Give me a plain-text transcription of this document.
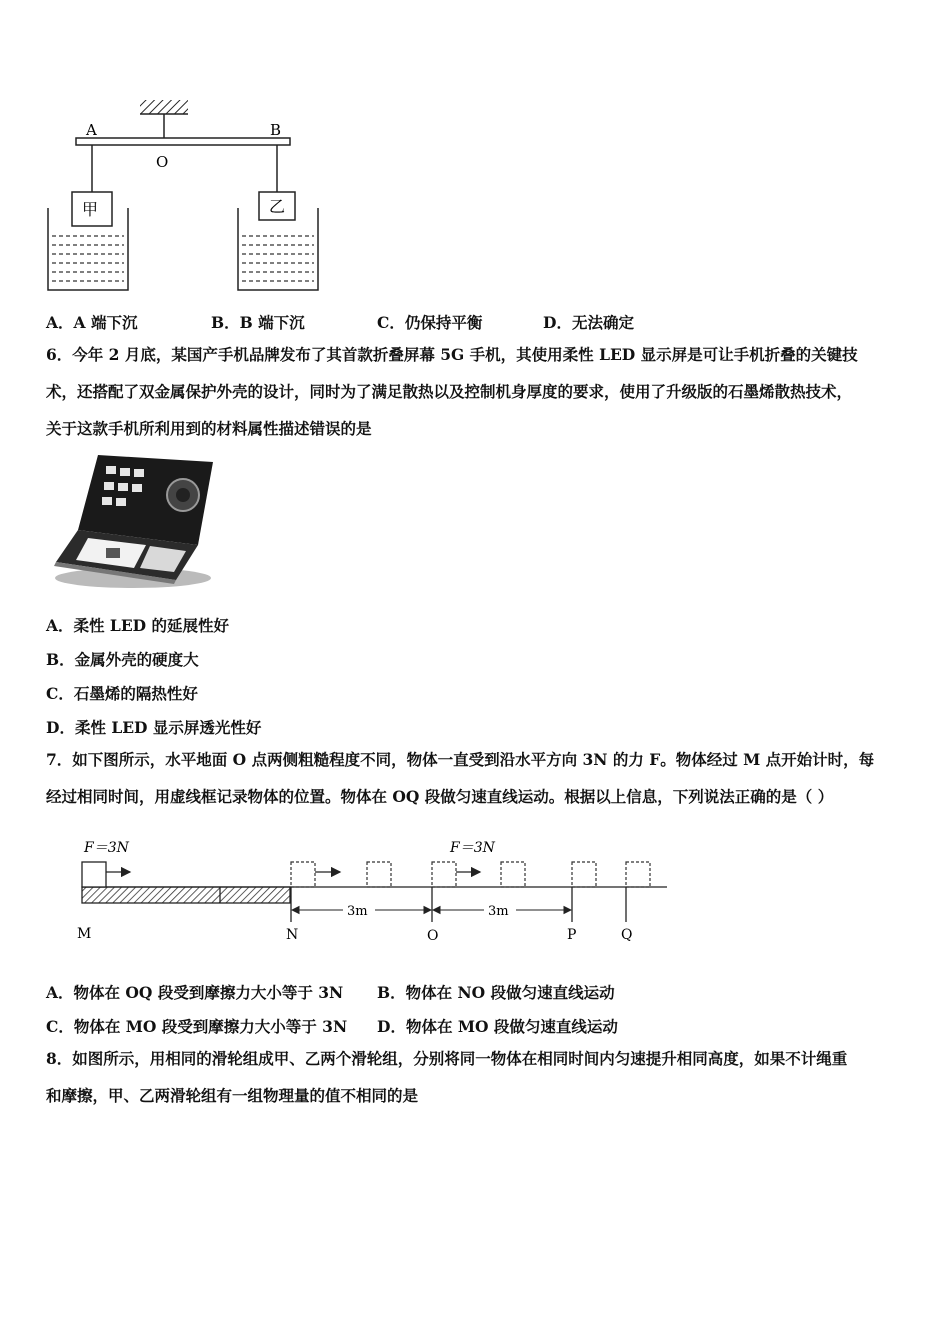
A	B
O
甲	乙
A．A 端下沉	B．B 端下沉	C．仍保持平衡	D．无法确定
6．今年 2 月底，某国产手机品牌发布了其首款折叠屏幕 5G 手机，其使用柔性 LED 显示屏是可让手机折叠的关键技
术，还搭配了双金属保护外壳的设计，同时为了满足散热以及控制机身厚度的要求，使用了升级版的石墨烯散热技术，
关于这款手机所利用到的材料属性描述错误的是
A．柔性 LED 的延展性好
B．金属外壳的硬度大
C．石墨烯的隔热性好
D．柔性 LED 显示屏透光性好
7．如下图所示，水平地面 O 点两侧粗糙程度不同，物体一直受到沿水平方向 3N 的力 F。物体经过 M 点开始计时，每
经过相同时间，用虚线框记录物体的位置。物体在 OQ 段做匀速直线运动。根据以上信息，下列说法正确的是（ ）
F＝3N	F＝3N
3m	3m
M	N	O	P	Q
A．物体在 OQ 段受到摩擦力大小等于 3N B．物体在 NO 段做匀速直线运动
C．物体在 MO 段受到摩擦力大小等于 3N D．物体在 MO 段做匀速直线运动
8．如图所示，用相同的滑轮组成甲、乙两个滑轮组，分别将同一物体在相同时间内匀速提升相同高度，如果不计绳重
和摩擦，甲、乙两滑轮组有一组物理量的值不相同的是
